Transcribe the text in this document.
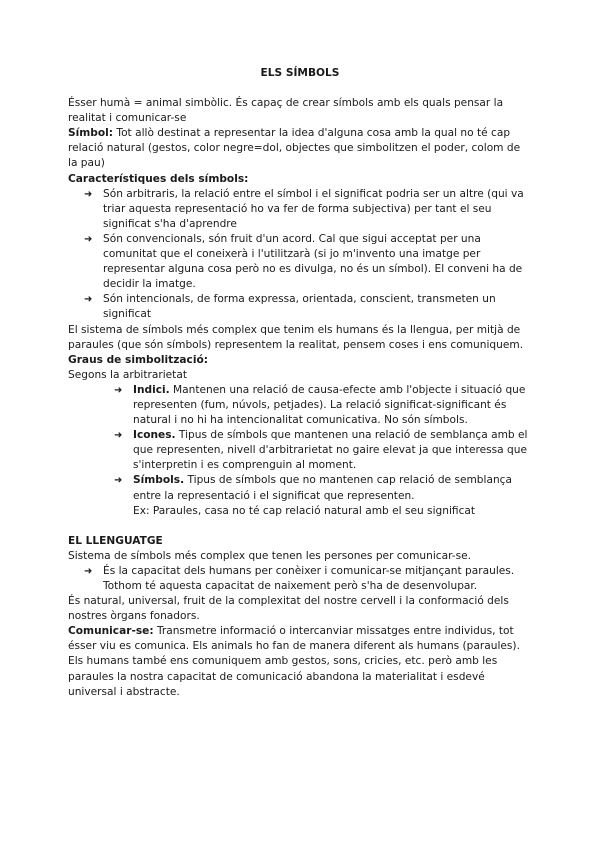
ELS SÍMBOLS

Ésser humà = animal simbòlic. És capaç de crear símbols amb els quals pensar la realitat i comunicar-se

Símbol: Tot allò destinat a representar la idea d'alguna cosa amb la qual no té cap relació natural (gestos, color negre=dol, objectes que simbolitzen el poder, colom de la pau)

Característiques dels símbols:

➜ Són arbitraris, la relació entre el símbol i el significat podria ser un altre (qui va triar aquesta representació ho va fer de forma subjectiva) per tant el seu significat s'ha d'aprendre
➜ Són convencionals, són fruit d'un acord. Cal que sigui acceptat per una comunitat que el coneixerà i l'utilitzarà (si jo m'invento una imatge per representar alguna cosa però no es divulga, no és un símbol). El conveni ha de decidir la imatge.
➜ Són intencionals, de forma expressa, orientada, conscient, transmeten un significat

El sistema de símbols més complex que tenim els humans és la llengua, per mitjà de paraules (que són símbols) representem la realitat, pensem coses i ens comuniquem.

Graus de simbolització:

Segons la arbitrarietat

➜ Indici. Mantenen una relació de causa-efecte amb l'objecte i situació que representen (fum, núvols, petjades). La relació significat-significant és natural i no hi ha intencionalitat comunicativa. No són símbols.
➜ Icones. Tipus de símbols que mantenen una relació de semblança amb el que representen, nivell d'arbitrarietat no gaire elevat ja que interessa que s'interpretin i es comprenguin al moment.
➜ Símbols. Tipus de símbols que no mantenen cap relació de semblança entre la representació i el significat que representen.

Ex: Paraules, casa no té cap relació natural amb el seu significat

EL LLENGUATGE

Sistema de símbols més complex que tenen les persones per comunicar-se.

➜ És la capacitat dels humans per conèixer i comunicar-se mitjançant paraules. Tothom té aquesta capacitat de naixement però s'ha de desenvolupar.

És natural, universal, fruit de la complexitat del nostre cervell i la conformació dels nostres òrgans fonadors.

Comunicar-se: Transmetre informació o intercanviar missatges entre individus, tot ésser viu es comunica. Els animals ho fan de manera diferent als humans (paraules).

Els humans també ens comuniquem amb gestos, sons, cricies, etc. però amb les paraules la nostra capacitat de comunicació abandona la materialitat i esdevé universal i abstracte.
